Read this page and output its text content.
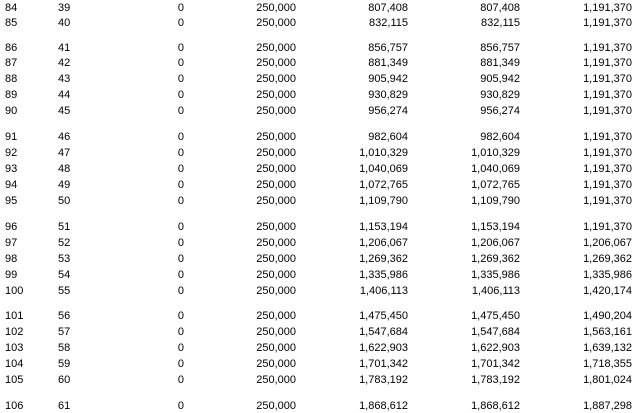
84	39	0	250,000	807,408	807,408	1,191,370
85	40	0	250,000	832,115	832,115	1,191,370
86	41	0	250,000	856,757	856,757	1,191,370
87	42	0	250,000	881,349	881,349	1,191,370
88	43	0	250,000	905,942	905,942	1,191,370
89	44	0	250,000	930,829	930,829	1,191,370
90	45	0	250,000	956,274	956,274	1,191,370
91	46	0	250,000	982,604	982,604	1,191,370
92	47	0	250,000	1,010,329	1,010,329	1,191,370
93	48	0	250,000	1,040,069	1,040,069	1,191,370
94	49	0	250,000	1,072,765	1,072,765	1,191,370
95	50	0	250,000	1,109,790	1,109,790	1,191,370
96	51	0	250,000	1,153,194	1,153,194	1,191,370
97	52	0	250,000	1,206,067	1,206,067	1,206,067
98	53	0	250,000	1,269,362	1,269,362	1,269,362
99	54	0	250,000	1,335,986	1,335,986	1,335,986
100	55	0	250,000	1,406,113	1,406,113	1,420,174
101	56	0	250,000	1,475,450	1,475,450	1,490,204
102	57	0	250,000	1,547,684	1,547,684	1,563,161
103	58	0	250,000	1,622,903	1,622,903	1,639,132
104	59	0	250,000	1,701,342	1,701,342	1,718,355
105	60	0	250,000	1,783,192	1,783,192	1,801,024
106	61	0	250,000	1,868,612	1,868,612	1,887,298
